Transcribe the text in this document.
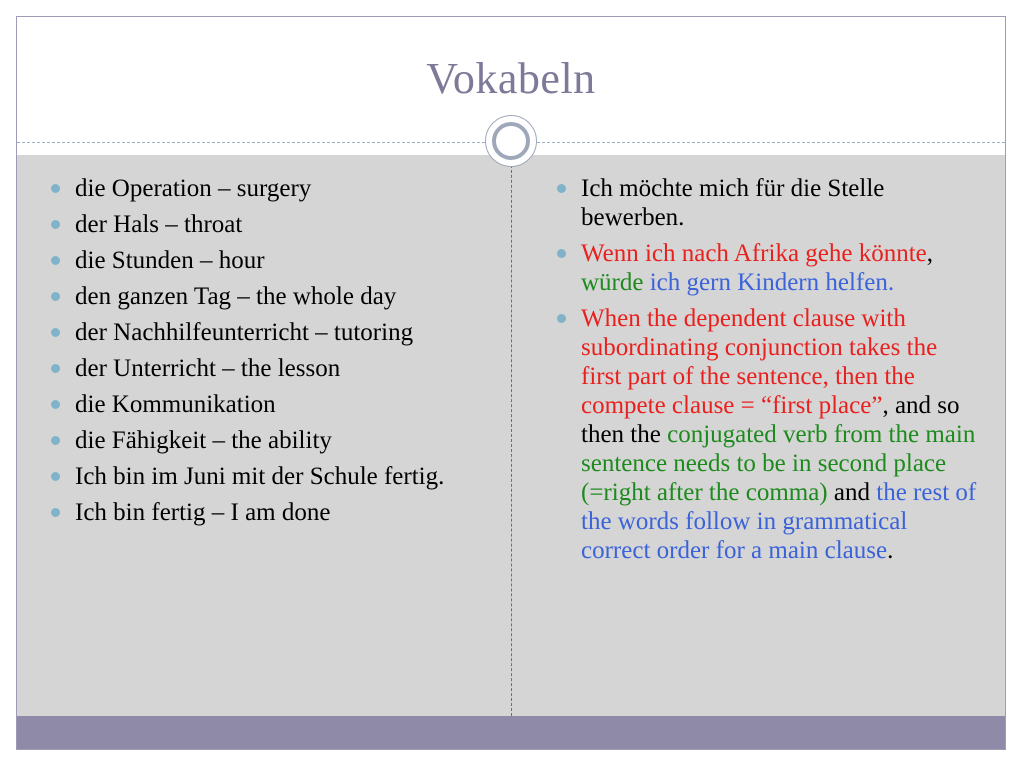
Vokabeln
die Operation – surgery
der Hals – throat
die Stunden – hour
den ganzen Tag – the whole day
der Nachhilfeunterricht – tutoring
der Unterricht – the lesson
die Kommunikation
die Fähigkeit – the ability
Ich bin im Juni mit der Schule fertig.
Ich bin fertig – I am done
Ich möchte mich für die Stelle bewerben.
Wenn ich nach Afrika gehe könnte, würde ich gern Kindern helfen.
When the dependent clause with subordinating conjunction takes the first part of the sentence, then the compete clause = “first place”, and so then the conjugated verb from the main sentence needs to be in second place (=right after the comma) and the rest of the words follow in grammatical correct order for a main clause.
